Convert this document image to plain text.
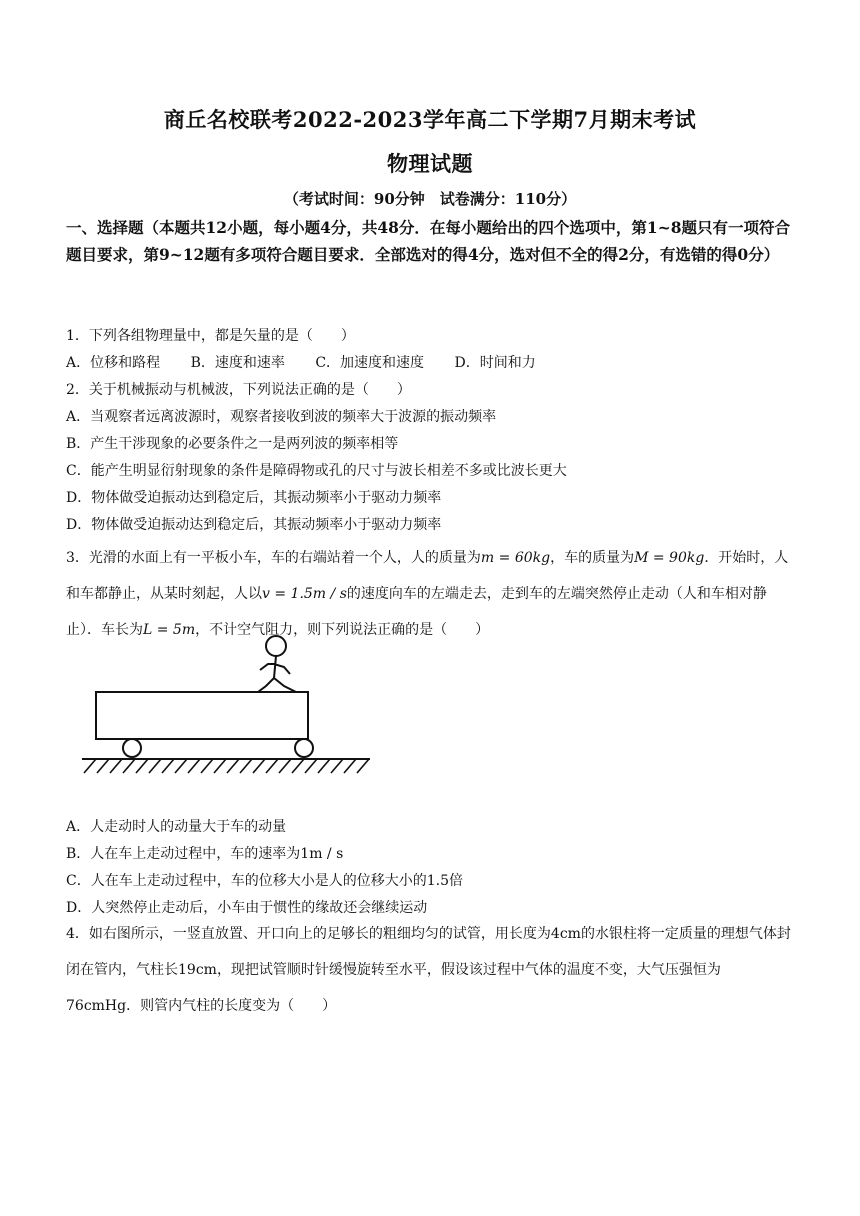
商丘名校联考2022-2023学年高二下学期7月期末考试
物理试题
（考试时间：90分钟　试卷满分：110分）
一、选择题（本题共12小题，每小题4分，共48分．在每小题给出的四个选项中，第1~8题只有一项符合题目要求，第9~12题有多项符合题目要求．全部选对的得4分，选对但不全的得2分，有选错的得0分）
1．下列各组物理量中，都是矢量的是（　　）
A．位移和路程 B．速度和速率 C．加速度和速度 D．时间和力
2．关于机械振动与机械波，下列说法正确的是（　　）
A．当观察者远离波源时，观察者接收到波的频率大于波源的振动频率
B．产生干涉现象的必要条件之一是两列波的频率相等
C．能产生明显衍射现象的条件是障碍物或孔的尺寸与波长相差不多或比波长更大
D．物体做受迫振动达到稳定后，其振动频率小于驱动力频率
D．物体做受迫振动达到稳定后，其振动频率小于驱动力频率
3．光滑的水面上有一平板小车，车的右端站着一个人，人的质量为m = 60kg，车的质量为M = 90kg．开始时，人和车都静止，从某时刻起，人以v = 1.5m / s的速度向车的左端走去，走到车的左端突然停止走动（人和车相对静止）．车长为L = 5m，不计空气阻力，则下列说法正确的是（　　）
A．人走动时人的动量大于车的动量
B．人在车上走动过程中，车的速率为1m / s
C．人在车上走动过程中，车的位移大小是人的位移大小的1.5倍
D．人突然停止走动后，小车由于惯性的缘故还会继续运动
4．如右图所示，一竖直放置、开口向上的足够长的粗细均匀的试管，用长度为4cm的水银柱将一定质量的理想气体封闭在管内，气柱长19cm，现把试管顺时针缓慢旋转至水平，假设该过程中气体的温度不变，大气压强恒为76cmHg．则管内气柱的长度变为（　　）
